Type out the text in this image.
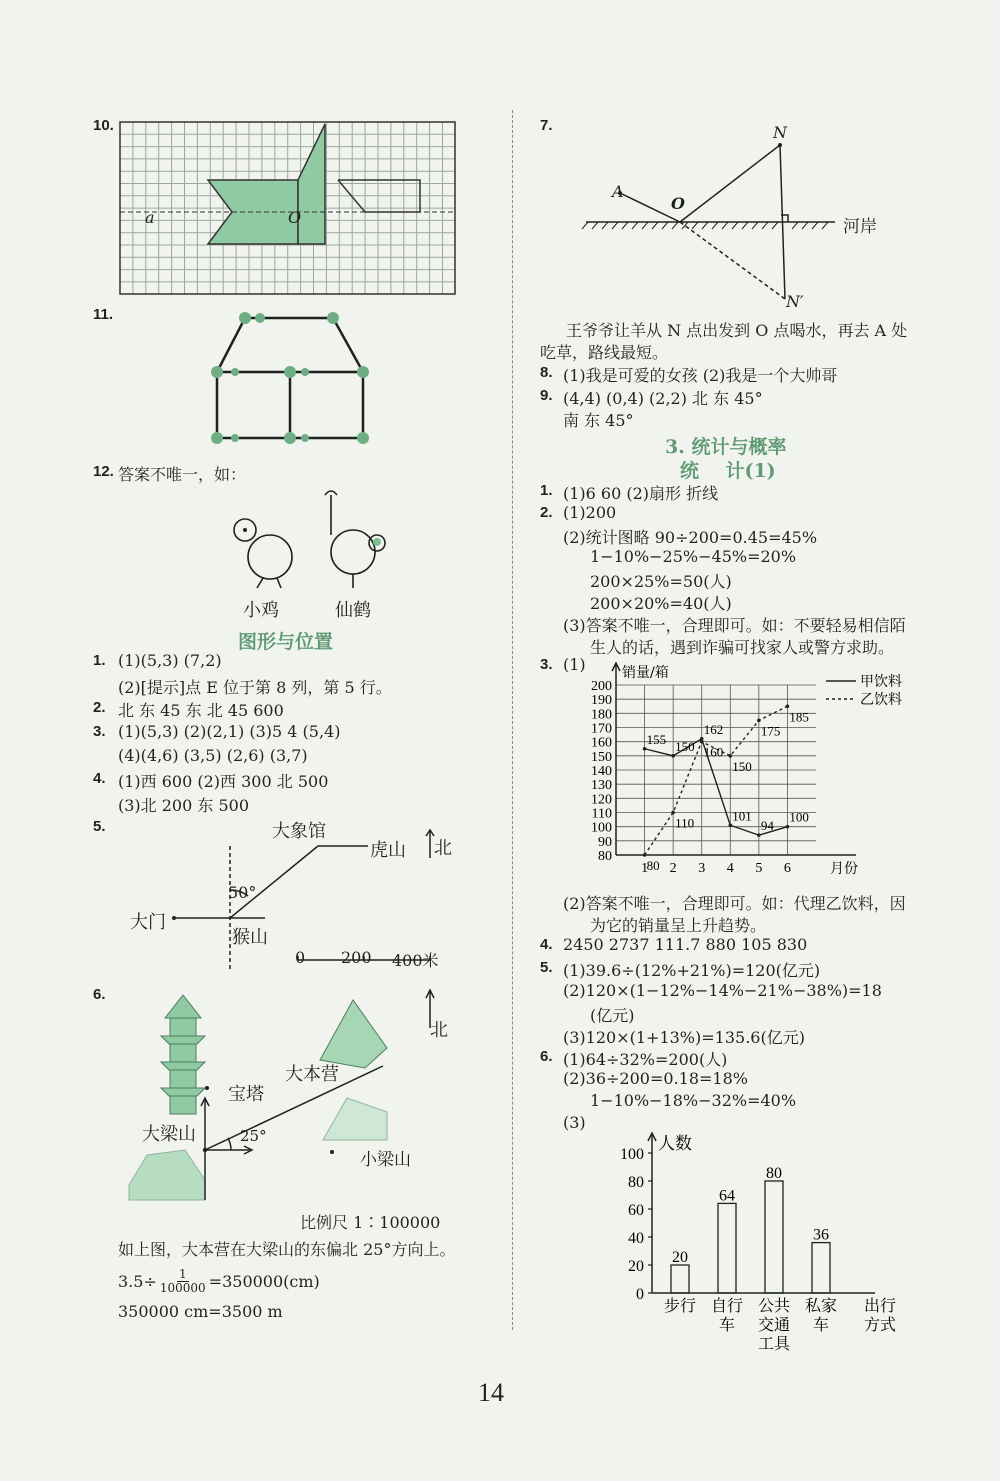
10.
a	O
11.
12. 答案不唯一，如：
小鸡	仙鹤
图形与位置
1. (1)(5,3) (7,2)
(2)[提示]点 E 位于第 8 列，第 5 行。
2. 北 东 45 东 北 45 600
3. (1)(5,3) (2)(2,1) (3)5 4 (5,4)
(4)(4,6) (3,5) (2,6) (3,7)
4. (1)西 600 (2)西 300 北 500
(3)北 200 东 500
5.	大象馆
虎山 北
50°
大门
猴山
0 200 400米
6.
北
大本营
宝塔
大梁山	25°
小梁山
比例尺 1∶100000
如上图，大本营在大梁山的东偏北 25°方向上。
$3.5\div \frac{1}{100000} =350000(cm)$
350000 cm=3500 m
7.
A
O
N
N′
河岸
王爷爷让羊从 N 点出发到 O 点喝水，再去 A 处
吃草，路线最短。
8. (1)我是可爱的女孩 (2)我是一个大帅哥
9. (4,4) (0,4) (2,2) 北 东 45°
南 东 45°
3. 统计与概率
统    计(1)
1. (1)6 60 (2)扇形 折线
2. (1)200
(2)统计图略 90÷200=0.45=45%
1−10%−25%−45%=20%
200×25%=50(人)
200×20%=40(人)
(3)答案不唯一，合理即可。如：不要轻易相信陌
生人的话，遇到诈骗可找家人或警方求助。
3. (1)
80
90
100
110
120
130
140
150
160
170
180
190
200
1 2 3 4 5 6
销量/箱
月份
155 150
162
101
94
100
甲饮料
80
110
160
150
175
185
乙饮料
(2)答案不唯一，合理即可。如：代理乙饮料，因
为它的销量呈上升趋势。
4. 2450 2737 111.7 880 105 830
5. (1)39.6÷(12%+21%)=120(亿元)
(2)120×(1−12%−14%−21%−38%)=18
(亿元)
(3)120×(1+13%)=135.6(亿元)
6. (1)64÷32%=200(人)
(2)36÷200=0.18=18%
1−10%−18%−32%=40%
(3)
0
20
40
60
80
100
人数
20
步行
64
自行
车
80
公共
交通
工具
36
私家
车
出行
方式
14
